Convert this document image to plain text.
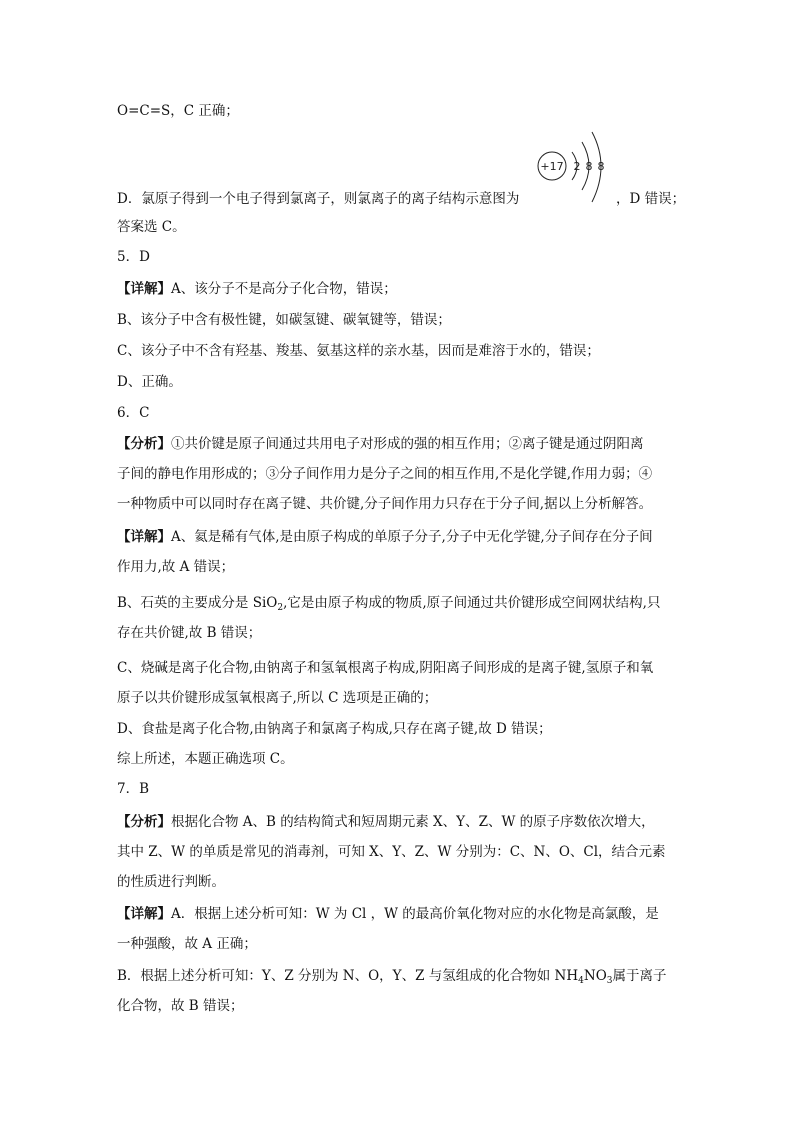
O=C=S，C 正确；
+17 2 8 8
D．氯原子得到一个电子得到氯离子，则氯离子的离子结构示意图为	，D 错误；
答案选 C。
5．D
【详解】A、该分子不是高分子化合物，错误；
B、该分子中含有极性键，如碳氢键、碳氧键等，错误；
C、该分子中不含有羟基、羧基、氨基这样的亲水基，因而是难溶于水的，错误；
D、正确。
6．C
【分析】①共价键是原子间通过共用电子对形成的强的相互作用；②离子键是通过阴阳离
子间的静电作用形成的；③分子间作用力是分子之间的相互作用,不是化学键,作用力弱；④
一种物质中可以同时存在离子键、共价键,分子间作用力只存在于分子间,据以上分析解答。
【详解】A、氦是稀有气体,是由原子构成的单原子分子,分子中无化学键,分子间存在分子间
作用力,故 A 错误；
B、石英的主要成分是 SiO$_2$,它是由原子构成的物质,原子间通过共价键形成空间网状结构,只
存在共价键,故 B 错误；
C、烧碱是离子化合物,由钠离子和氢氧根离子构成,阴阳离子间形成的是离子键,氢原子和氧
原子以共价键形成氢氧根离子,所以 C 选项是正确的；
D、食盐是离子化合物,由钠离子和氯离子构成,只存在离子键,故 D 错误；
综上所述，本题正确选项 C。
7．B
【分析】根据化合物 A、B 的结构简式和短周期元素 X、Y、Z、W 的原子序数依次增大，
其中 Z、W 的单质是常见的消毒剂，可知 X、Y、Z、W 分别为：C、N、O、Cl，结合元素
的性质进行判断。
【详解】A．根据上述分析可知：W 为 Cl ，W 的最高价氧化物对应的水化物是高氯酸，是
一种强酸，故 A 正确；
B．根据上述分析可知：Y、Z 分别为 N、O，Y、Z 与氢组成的化合物如 $NH_4NO_3$属于离子
化合物，故 B 错误；
